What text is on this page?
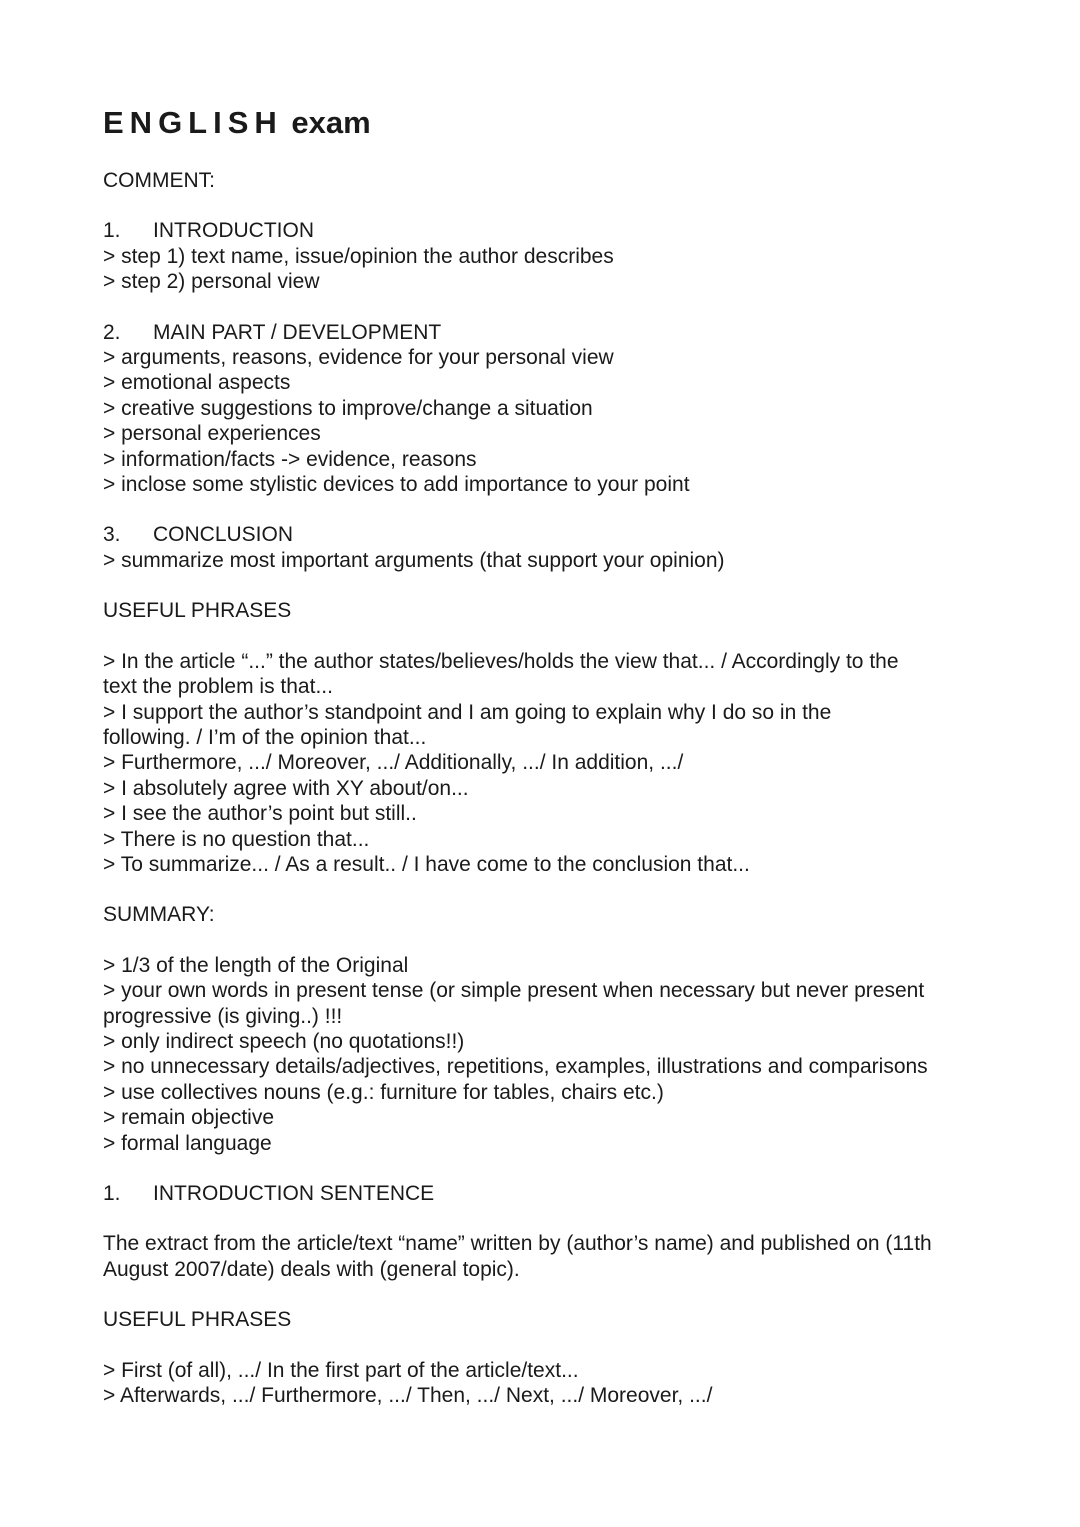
ENGLISH exam

COMMENT:

1.	INTRODUCTION

> step 1) text name, issue/opinion the author describes

> step 2) personal view

2.	MAIN PART / DEVELOPMENT

> arguments, reasons, evidence for your personal view

> emotional aspects

> creative suggestions to improve/change a situation

> personal experiences

> information/facts -> evidence, reasons

> inclose some stylistic devices to add importance to your point

3.	CONCLUSION

> summarize most important arguments (that support your opinion)

USEFUL PHRASES

> In the article “...” the author states/believes/holds the view that... / Accordingly to the

text the problem is that...

> I support the author’s standpoint and I am going to explain why I do so in the

following. / I’m of the opinion that...

> Furthermore, .../ Moreover, .../ Additionally, .../ In addition, .../

> I absolutely agree with XY about/on...

> I see the author’s point but still..

> There is no question that...

> To summarize... / As a result.. / I have come to the conclusion that...

SUMMARY:

> 1/3 of the length of the Original

> your own words in present tense (or simple present when necessary but never present

progressive (is giving..) !!!

> only indirect speech (no quotations!!)

> no unnecessary details/adjectives, repetitions, examples, illustrations and comparisons

> use collectives nouns (e.g.: furniture for tables, chairs etc.)

> remain objective

> formal language

1.	INTRODUCTION SENTENCE

The extract from the article/text “name” written by (author’s name) and published on (11th

August 2007/date) deals with (general topic).

USEFUL PHRASES

> First (of all), .../ In the first part of the article/text...

> Afterwards, .../ Furthermore, .../ Then, .../ Next, .../ Moreover, .../
